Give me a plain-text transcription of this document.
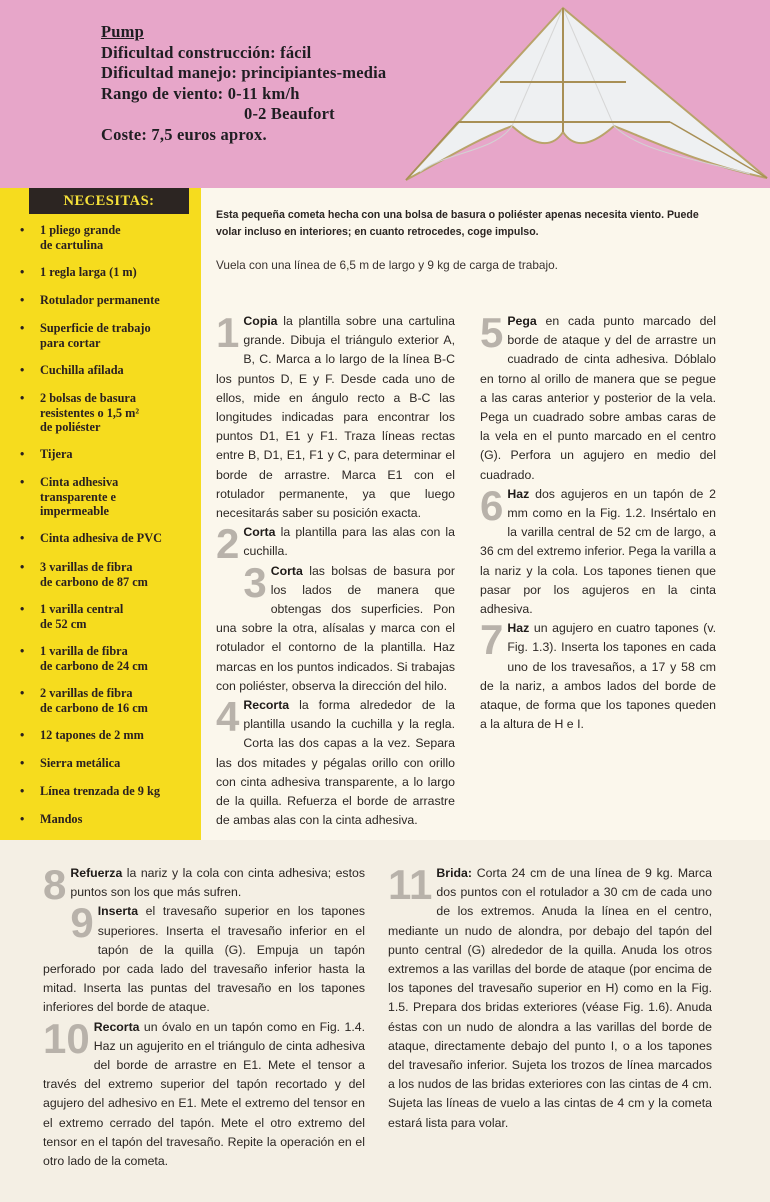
Pump
Dificultad construcción: fácil
Dificultad manejo: principiantes-media
Rango de viento: 0-11 km/h
0-2 Beaufort
Coste: 7,5 euros aprox.
NECESITAS:
• 1 pliego grande
de cartulina
• 1 regla larga (1 m)
• Rotulador permanente
• Superficie de trabajo
para cortar
• Cuchilla afilada
• 2 bolsas de basura
resistentes o 1,5 m²
de poliéster
• Tijera
• Cinta adhesiva
transparente e
impermeable
• Cinta adhesiva de PVC
• 3 varillas de fibra
de carbono de 87 cm
• 1 varilla central
de 52 cm
• 1 varilla de fibra
de carbono de 24 cm
• 2 varillas de fibra
de carbono de 16 cm
• 12 tapones de 2 mm
• Sierra metálica
• Línea trenzada de 9 kg
• Mandos
Esta pequeña cometa hecha con una bolsa de basura o poliéster apenas necesita viento. Puede volar incluso en interiores; en cuanto retrocedes, coge impulso.
Vuela con una línea de 6,5 m de largo y 9 kg de carga de trabajo.

1 Copia la plantilla sobre una cartulina grande. Dibuja el triángulo exterior A, B, C. Marca a lo largo de la línea B-C los puntos D, E y F. Desde cada uno de ellos, mide en ángulo recto a B-C las longitudes indicadas para encontrar los puntos D1, E1 y F1. Traza líneas rectas entre B, D1, E1, F1 y C, para determinar el borde de arrastre. Marca E1 con el rotulador permanente, ya que luego necesitarás saber su posición exacta.

2 Corta la plantilla para las alas con la cuchilla.

3 Corta las bolsas de basura por los lados de manera que obtengas dos superficies. Pon una sobre la otra, alísalas y marca con el rotulador el contorno de la plantilla. Haz marcas en los puntos indicados. Si trabajas con poliéster, observa la dirección del hilo.

4 Recorta la forma alrededor de la plantilla usando la cuchilla y la regla. Corta las dos capas a la vez. Separa las dos mitades y pégalas orillo con orillo con cinta adhesiva transparente, a lo largo de la quilla. Refuerza el borde de arrastre de ambas alas con la cinta adhesiva.

5 Pega en cada punto marcado del borde de ataque y del de arrastre un cuadrado de cinta adhesiva. Dóblalo en torno al orillo de manera que se pegue a las caras anterior y posterior de la vela. Pega un cuadrado sobre ambas caras de la vela en el punto marcado en el centro (G). Perfora un agujero en medio del cuadrado.

6 Haz dos agujeros en un tapón de 2 mm como en la Fig. 1.2. Insértalo en la varilla central de 52 cm de largo, a 36 cm del extremo inferior. Pega la varilla a la nariz y la cola. Los tapones tienen que pasar por los agujeros en la cinta adhesiva.

7 Haz un agujero en cuatro tapones (v. Fig. 1.3). Inserta los tapones en cada uno de los travesaños, a 17 y 58 cm de la nariz, a ambos lados del borde de ataque, de forma que los tapones queden a la altura de H e I.

8 Refuerza la nariz y la cola con cinta adhesiva; estos puntos son los que más sufren.

9 Inserta el travesaño superior en los tapones superiores. Inserta el travesaño inferior en el tapón de la quilla (G). Empuja un tapón perforado por cada lado del travesaño inferior hasta la mitad. Inserta las puntas del travesaño en los tapones inferiores del borde de ataque.

10 Recorta un óvalo en un tapón como en Fig. 1.4. Haz un agujerito en el triángulo de cinta adhesiva del borde de arrastre en E1. Mete el tensor a través del extremo superior del tapón recortado y del agujero del adhesivo en E1. Mete el extremo del tensor en el extremo cerrado del tapón. Mete el otro extremo del tensor en el tapón del travesaño. Repite la operación en el otro lado de la cometa.

11 Brida: Corta 24 cm de una línea de 9 kg. Marca dos puntos con el rotulador a 30 cm de cada uno de los extremos. Anuda la línea en el centro, mediante un nudo de alondra, por debajo del tapón del punto central (G) alrededor de la quilla. Anuda los otros extremos a las varillas del borde de ataque (por encima de los tapones del travesaño superior en H) como en la Fig. 1.5. Prepara dos bridas exteriores (véase Fig. 1.6). Anuda éstas con un nudo de alondra a las varillas del borde de ataque, directamente debajo del punto I, o a los tapones del travesaño inferior. Sujeta los trozos de línea marcados a los nudos de las bridas exteriores con las cintas de 4 cm. Sujeta las líneas de vuelo a las cintas de 4 cm y la cometa estará lista para volar.
